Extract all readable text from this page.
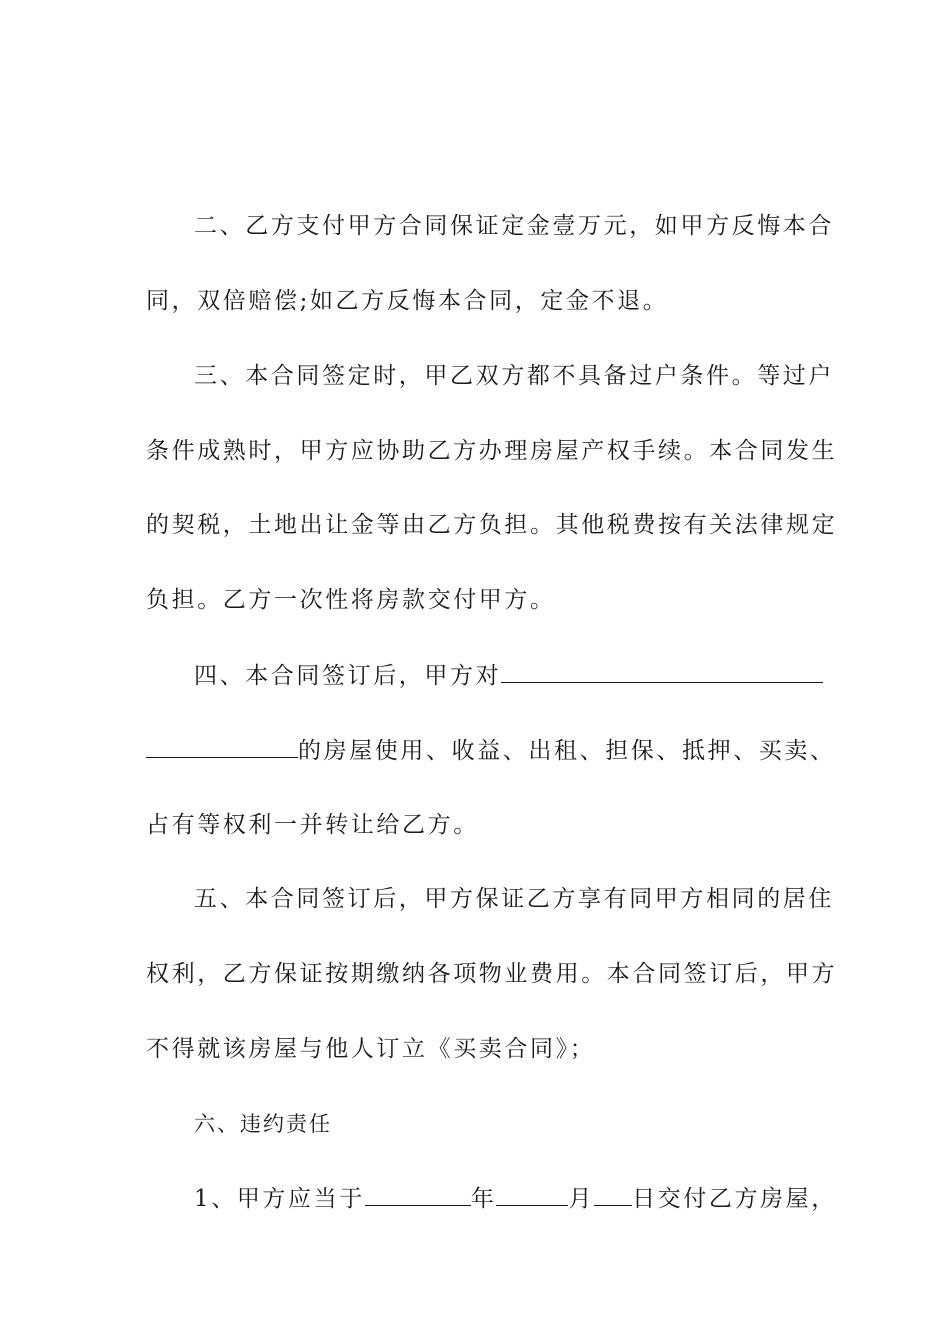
二、乙方支付甲方合同保证定金壹万元，如甲方反悔本合
同，双倍赔偿;如乙方反悔本合同，定金不退。
三、本合同签定时，甲乙双方都不具备过户条件。等过户
条件成熟时，甲方应协助乙方办理房屋产权手续。本合同发生
的契税，土地出让金等由乙方负担。其他税费按有关法律规定
负担。乙方一次性将房款交付甲方。
四、本合同签订后，甲方对
的房屋使用、收益、出租、担保、抵押、买卖、
占有等权利一并转让给乙方。
五、本合同签订后，甲方保证乙方享有同甲方相同的居住
权利，乙方保证按期缴纳各项物业费用。本合同签订后，甲方
不得就该房屋与他人订立《买卖合同》；
六、违约责任
1、甲方应当于	年	月 日交付乙方房屋，
